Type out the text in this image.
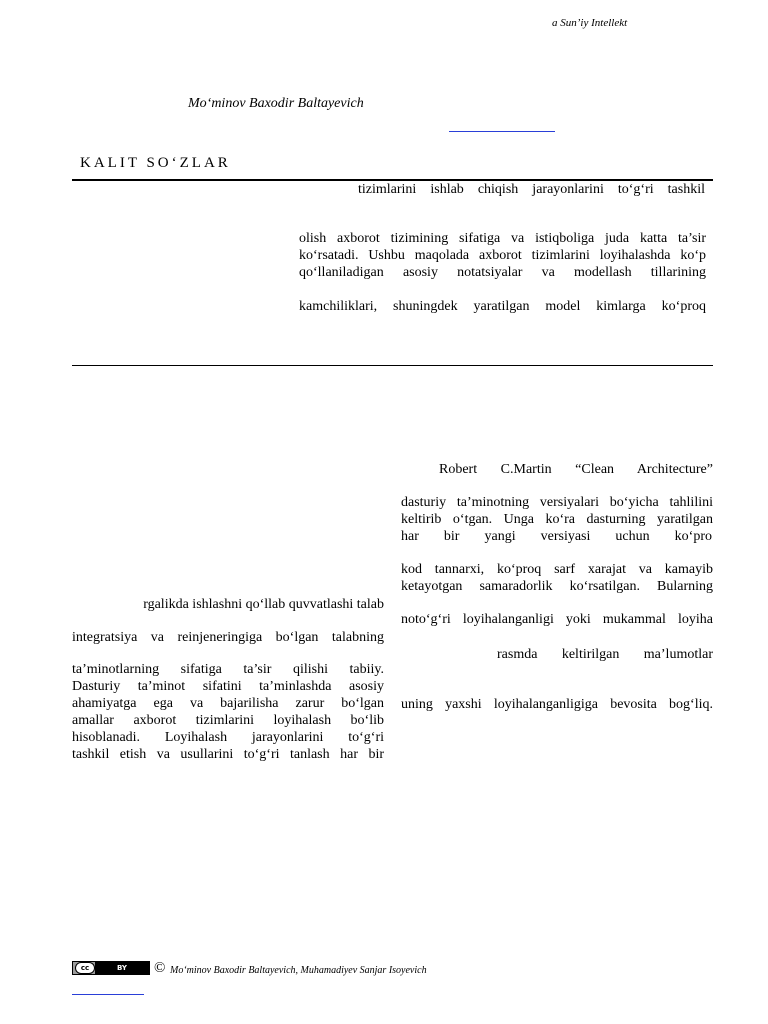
a Sun’iy Intellekt
Mo‘minov Baxodir Baltayevich
KALIT SO‘ZLAR
tizimlarini ishlab chiqish jarayonlarini to‘g‘ri tashkil
olish axborot tizimining sifatiga va istiqboliga juda katta ta’sir
ko‘rsatadi. Ushbu maqolada axborot tizimlarini loyihalashda ko‘p
qo‘llaniladigan asosiy notatsiyalar va modellash tillarining
kamchiliklari, shuningdek yaratilgan model kimlarga ko‘proq
rgalikda ishlashni qo‘llab quvvatlashi talab
integratsiya va reinjeneringiga bo‘lgan talabning
ta’minotlarning sifatiga ta’sir qilishi tabiiy.
Dasturiy ta’minot sifatini ta’minlashda asosiy
ahamiyatga ega va bajarilisha zarur bo‘lgan
amallar axborot tizimlarini loyihalash bo‘lib
hisoblanadi. Loyihalash jarayonlarini to‘g‘ri
tashkil etish va usullarini to‘g‘ri tanlash har bir
Robert C.Martin “Clean Architecture”
dasturiy ta’minotning versiyalari bo‘yicha tahlilini
keltirib o‘tgan. Unga ko‘ra dasturning yaratilgan
har bir yangi versiyasi uchun ko‘pro
kod tannarxi, ko‘proq sarf xarajat va kamayib
ketayotgan samaradorlik ko‘rsatilgan. Bularning
noto‘g‘ri loyihalanganligi yoki mukammal loyiha
rasmda keltirilgan ma’lumotlar
uning yaxshi loyihalanganligiga bevosita bog‘liq.
cc	BY	© Mo‘minov Baxodir Baltayevich, Muhamadiyev Sanjar Isoyevich
